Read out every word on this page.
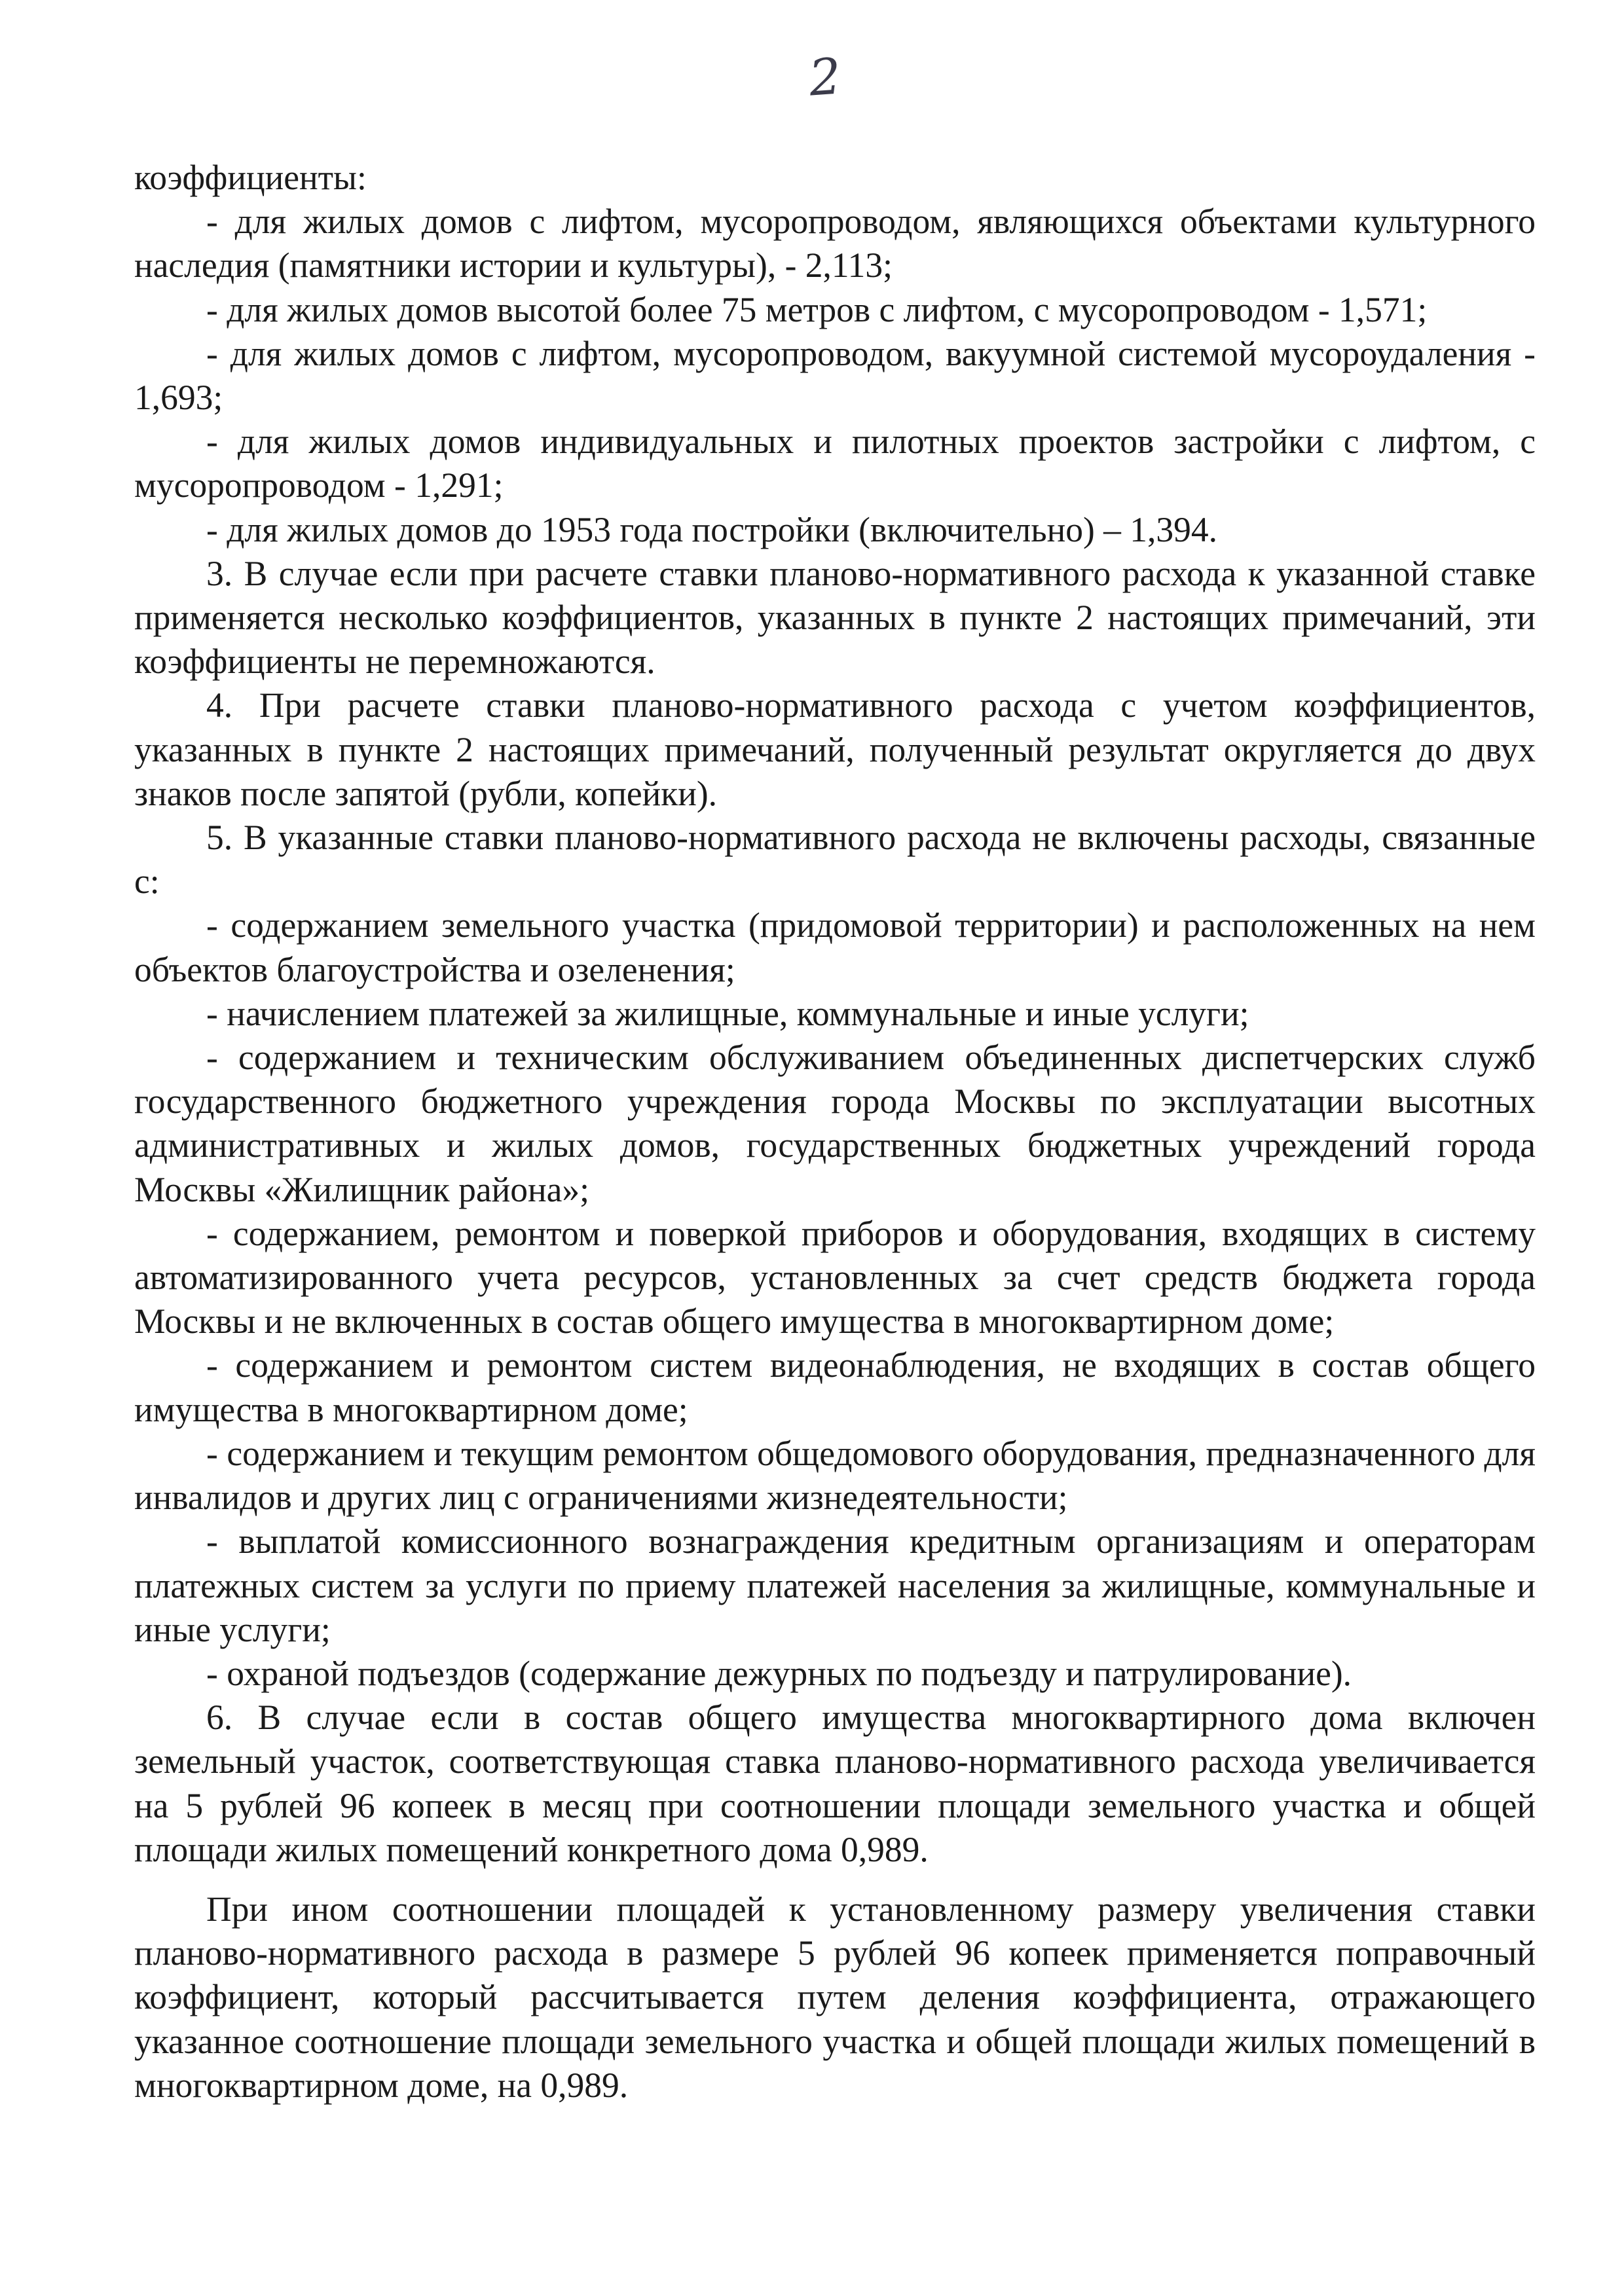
2

коэффициенты:

- для жилых домов с лифтом, мусоропроводом, являющихся объектами культурного наследия (памятники истории и культуры), - 2,113;

- для жилых домов высотой более 75 метров с лифтом, с мусоропроводом - 1,571;

- для жилых домов с лифтом, мусоропроводом, вакуумной системой мусороудаления - 1,693;

- для жилых домов индивидуальных и пилотных проектов застройки с лифтом, с мусоропроводом - 1,291;

- для жилых домов до 1953 года постройки (включительно) – 1,394.

3. В случае если при расчете ставки планово-нормативного расхода к указанной ставке применяется несколько коэффициентов, указанных в пункте 2 настоящих примечаний, эти коэффициенты не перемножаются.

4. При расчете ставки планово-нормативного расхода с учетом коэффициентов, указанных в пункте 2 настоящих примечаний, полученный результат округляется до двух знаков после запятой (рубли, копейки).

5. В указанные ставки планово-нормативного расхода не включены расходы, связанные с:

- содержанием земельного участка (придомовой территории) и расположенных на нем объектов благоустройства и озеленения;

- начислением платежей за жилищные, коммунальные и иные услуги;

- содержанием и техническим обслуживанием объединенных диспетчерских служб государственного бюджетного учреждения города Москвы по эксплуатации высотных административных и жилых домов, государственных бюджетных учреждений города Москвы «Жилищник района»;

- содержанием, ремонтом и поверкой приборов и оборудования, входящих в систему автоматизированного учета ресурсов, установленных за счет средств бюджета города Москвы и не включенных в состав общего имущества в многоквартирном доме;

- содержанием и ремонтом систем видеонаблюдения, не входящих в состав общего имущества в многоквартирном доме;

- содержанием и текущим ремонтом общедомового оборудования, предназначенного для инвалидов и других лиц с ограничениями жизнедеятельности;

- выплатой комиссионного вознаграждения кредитным организациям и операторам платежных систем за услуги по приему платежей населения за жилищные, коммунальные и иные услуги;

- охраной подъездов (содержание дежурных по подъезду и патрулирование).

6. В случае если в состав общего имущества многоквартирного дома включен земельный участок, соответствующая ставка планово-нормативного расхода увеличивается на 5 рублей 96 копеек в месяц при соотношении площади земельного участка и общей площади жилых помещений конкретного дома 0,989.

При ином соотношении площадей к установленному размеру увеличения ставки планово-нормативного расхода в размере 5 рублей 96 копеек применяется поправочный коэффициент, который рассчитывается путем деления коэффициента, отражающего указанное соотношение площади земельного участка и общей площади жилых помещений в многоквартирном доме, на 0,989.
